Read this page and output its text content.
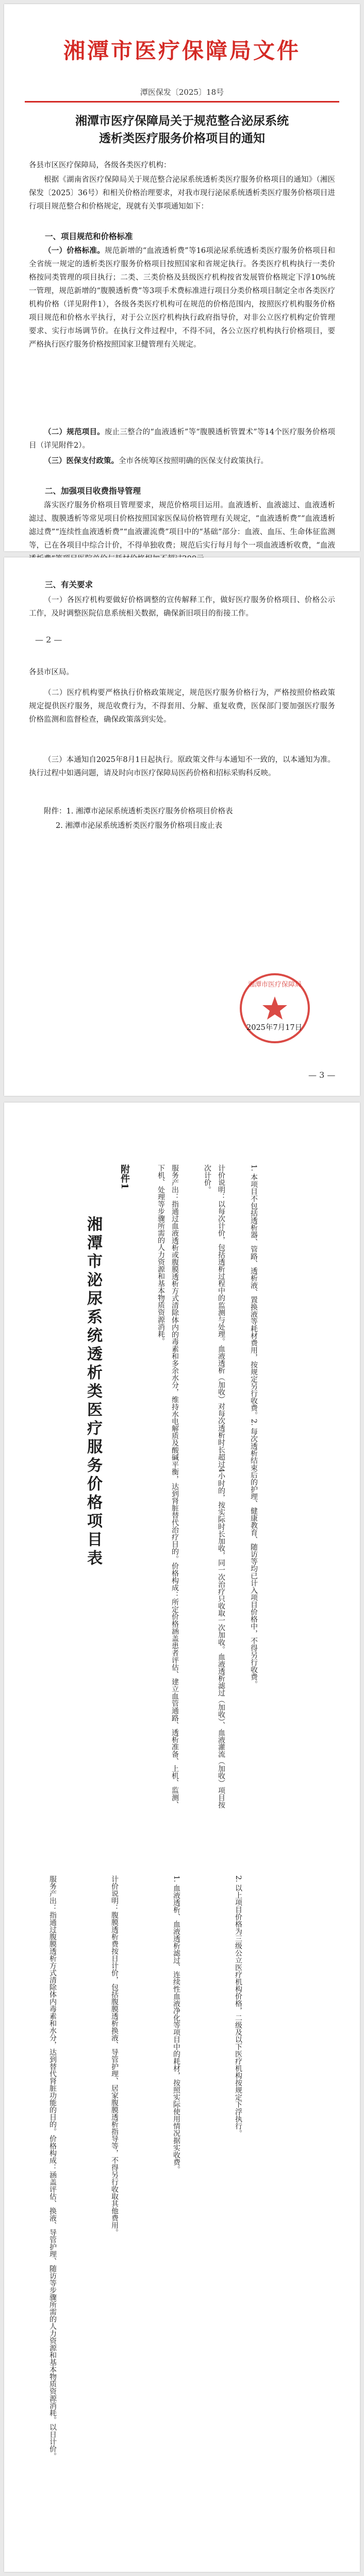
湘潭市医疗保障局文件
潭医保发〔2025〕18号
湘潭市医疗保障局关于规范整合泌尿系统
透析类医疗服务价格项目的通知
各县市区医疗保障局，各级各类医疗机构：
根据《湖南省医疗保障局关于规范整合泌尿系统透析类医疗服务价格项目的通知》（湘医保发〔2025〕36号）和相关价格治理要求，对我市现行泌尿系统透析类医疗服务价格项目进行项目规范整合和价格规定，现就有关事项通知如下：
一、项目规范和价格标准
（一）价格标准。规范新增的“血液透析费”等16项泌尿系统透析类医疗服务价格项目和全省统一规定的透析类医疗服务价格项目按照国家和省规定执行。各类医疗机构执行一类价格按同类管理的项目执行；二类、三类价格及县级医疗机构按省发展管价格规定下浮10%统一管理，规范新增的“腹膜透析费”等3项手术费标准进行项目分类价格项目制定全市各类医疗机构价格（详见附件1），各级各类医疗机构可在规范的价格范围内，按照医疗机构服务价格项目规范和价格水平执行，对于公立医疗机构执行政府指导价，对非公立医疗机构定价管理要求、实行市场调节价。在执行文件过程中，不得不同，各公立医疗机构执行价格项目，要严格执行医疗服务价格按照国家卫健管理有关规定。
（二）规范项目。废止三整合的“血液透析”等“腹膜透析管置术”等14个医疗服务价格项目（详见附件2）。
（三）医保支付政策。全市各统筹区按照明确的医保支付政策执行。
二、加强项目收费指导管理
落实医疗服务价格项目管理要求，规范价格项目运用。血液透析、血液滤过、血液透析滤过、腹膜透析等常见项目价格按照国家医保局价格管理有关规定，“血液透析费”“血液透析滤过费”“连续性血液透析费”“血液灌流费”项目中的“基础”部分：血液、血压、生命体征监测等，已在各项目中综合计价，不得单独收费；规范后实行每月每个一项血液透析收费，“血液
三、有关要求
（一）各医疗机构要做好价格调整的宣传解释工作，做好医疗服务价格项目、价格公示工作，及时调整医院信息系统相关数据，确保新旧项目的衔接工作。
— 2 —
各县市区局。
（二）医疗机构要严格执行价格政策规定，规范医疗服务价格行为，严格按照价格政策规定提供医疗服务，规范收费行为，不得套用、分解、重复收费，医保部门要加强医疗服务价格监测和监督检查，确保政策落到实处。
（三）本通知自2025年8月1日起执行。原政策文件与本通知不一致的，以本通知为准。执行过程中如遇问题，请及时向市医疗保障局医药价格和招标采购科反映。
附件：1. 湘潭市泌尿系统透析类医疗服务价格项目价格表
2. 湘潭市泌尿系统透析类医疗服务价格项目废止表
湘潭市医疗保障局
2025年7月17日
— 3 —
附件1
湘潭市泌尿系统透析类医疗服务价格项目表	服务产出：指通过血液透析或腹膜透析方式清除体内的毒素和多余水分，维持水电解质及酸碱平衡，达到肾脏替代治疗目的。价格构成：所定价格涵盖患者评估、建立血管通路、透析准备、上机、监测、下机、处理等步骤所需的人力资源和基本物质资源消耗。	计价说明：以每次计价，包括透析过程中的监测与处理。血液透析（加收）对每次透析时长超过4小时的，按实际时长加收，同一次治疗只收取一次加收。血液透析滤过（加收）、血液灌流（加收）项目按次计价。	1. 本项目不包括透析器、管路、透析液、置换液等耗材费用，按规定另行收费。2. 每次透析结束后的护理、健康教育、随访等均已计入项目价格中，不得另行收费。
服务产出：指通过腹膜透析方式清除体内毒素和水分，达到替代肾脏功能的目的。价格构成：涵盖评估、换液、导管护理、随访等步骤所需的人力资源和基本物质资源消耗。以日计价。	计价说明：腹膜透析费按日计价，包括腹膜透析换液、导管护理、居家腹膜透析指导等，不得另行收取其他费用。	1. 血液透析、血液透析滤过、连续性血液净化等项目中的耗材，按照实际使用情况据实收费。	2. 以上项目价格为三级公立医疗机构价格，二级及以下医疗机构按规定下浮执行。
